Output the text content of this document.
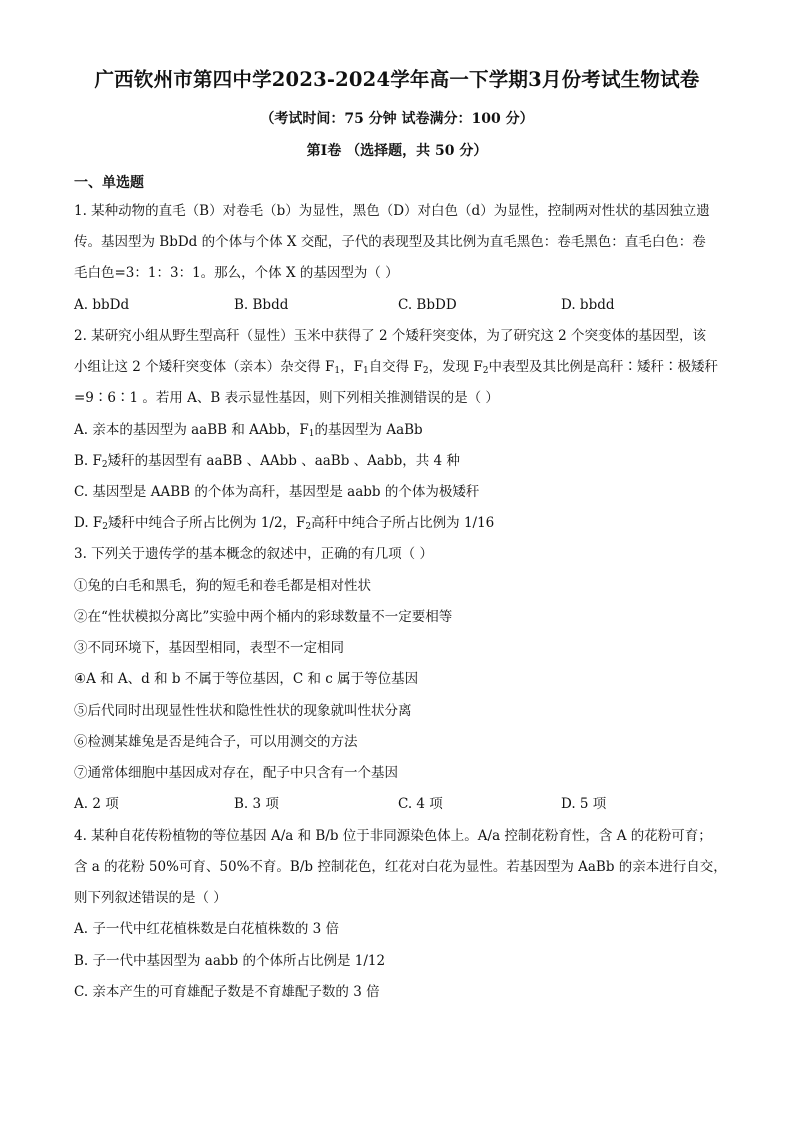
广西钦州市第四中学2023-2024学年高一下学期3月份考试生物试卷
（考试时间：75 分钟 试卷满分：100 分）
第Ⅰ卷 （选择题，共 50 分）
一、单选题
1. 某种动物的直毛（B）对卷毛（b）为显性，黑色（D）对白色（d）为显性，控制两对性状的基因独立遗
传。基因型为 BbDd 的个体与个体 X 交配，子代的表现型及其比例为直毛黑色：卷毛黑色：直毛白色：卷
毛白色=3：1：3：1。那么，个体 X 的基因型为（ ）
A. bbDd	B. Bbdd	C. BbDD	D. bbdd
2. 某研究小组从野生型高秆（显性）玉米中获得了 2 个矮秆突变体，为了研究这 2 个突变体的基因型，该
小组让这 2 个矮秆突变体（亲本）杂交得 $F_1$，$F_1$自交得 $F_2$，发现 $F_2$中表型及其比例是高秆∶矮秆∶极矮秆
=9∶6∶1 。若用 A、B 表示显性基因，则下列相关推测错误的是（ ）
A. 亲本的基因型为 aaBB 和 AAbb，$F_1$的基因型为 AaBb
B. $F_2$矮秆的基因型有 aaBB 、AAbb 、aaBb 、Aabb，共 4 种
C. 基因型是 AABB 的个体为高秆，基因型是 aabb 的个体为极矮秆
D. $F_2$矮秆中纯合子所占比例为 1/2，$F_2$高秆中纯合子所占比例为 1/16
3. 下列关于遗传学的基本概念的叙述中，正确的有几项（ ）
①兔的白毛和黑毛，狗的短毛和卷毛都是相对性状
②在“性状模拟分离比”实验中两个桶内的彩球数量不一定要相等
③不同环境下，基因型相同，表型不一定相同
④A 和 A、d 和 b 不属于等位基因，C 和 c 属于等位基因
⑤后代同时出现显性性状和隐性性状的现象就叫性状分离
⑥检测某雄兔是否是纯合子，可以用测交的方法
⑦通常体细胞中基因成对存在，配子中只含有一个基因
A. 2 项	B. 3 项	C. 4 项	D. 5 项
4. 某种自花传粉植物的等位基因 A/a 和 B/b 位于非同源染色体上。A/a 控制花粉育性，含 A 的花粉可育；
含 a 的花粉 50%可育、50%不育。B/b 控制花色，红花对白花为显性。若基因型为 AaBb 的亲本进行自交，
则下列叙述错误的是（ ）
A. 子一代中红花植株数是白花植株数的 3 倍
B. 子一代中基因型为 aabb 的个体所占比例是 1/12
C. 亲本产生的可育雄配子数是不育雄配子数的 3 倍
